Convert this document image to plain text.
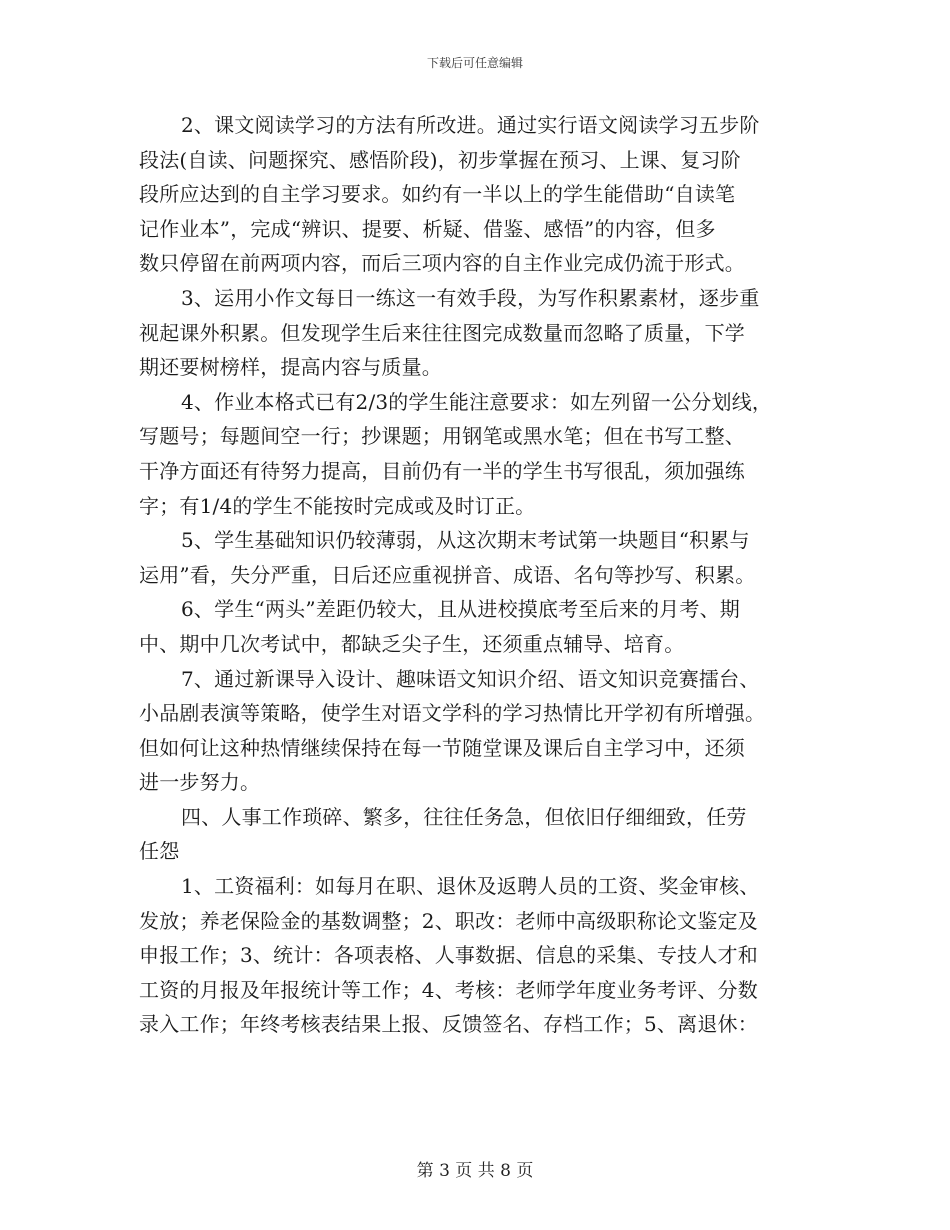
下载后可任意编辑
2、课文阅读学习的方法有所改进。通过实行语文阅读学习五步阶
段法(自读、问题探究、感悟阶段)，初步掌握在预习、上课、复习阶
段所应达到的自主学习要求。如约有一半以上的学生能借助“自读笔
记作业本”，完成“辨识、提要、析疑、借鉴、感悟”的内容，但多
数只停留在前两项内容，而后三项内容的自主作业完成仍流于形式。
3、运用小作文每日一练这一有效手段，为写作积累素材，逐步重
视起课外积累。但发现学生后来往往图完成数量而忽略了质量，下学
期还要树榜样，提高内容与质量。
4、作业本格式已有2/3的学生能注意要求：如左列留一公分划线，
写题号；每题间空一行；抄课题；用钢笔或黑水笔；但在书写工整、
干净方面还有待努力提高，目前仍有一半的学生书写很乱，须加强练
字；有1/4的学生不能按时完成或及时订正。
5、学生基础知识仍较薄弱，从这次期末考试第一块题目“积累与
运用”看，失分严重，日后还应重视拼音、成语、名句等抄写、积累。
6、学生“两头”差距仍较大，且从进校摸底考至后来的月考、期
中、期中几次考试中，都缺乏尖子生，还须重点辅导、培育。
7、通过新课导入设计、趣味语文知识介绍、语文知识竞赛擂台、
小品剧表演等策略，使学生对语文学科的学习热情比开学初有所增强。
但如何让这种热情继续保持在每一节随堂课及课后自主学习中，还须
进一步努力。
四、人事工作琐碎、繁多，往往任务急，但依旧仔细细致，任劳
任怨
1、工资福利：如每月在职、退休及返聘人员的工资、奖金审核、
发放；养老保险金的基数调整；2、职改：老师中高级职称论文鉴定及
申报工作；3、统计：各项表格、人事数据、信息的采集、专技人才和
工资的月报及年报统计等工作；4、考核：老师学年度业务考评、分数
录入工作；年终考核表结果上报、反馈签名、存档工作；5、离退休：
第 3 页 共 8 页
